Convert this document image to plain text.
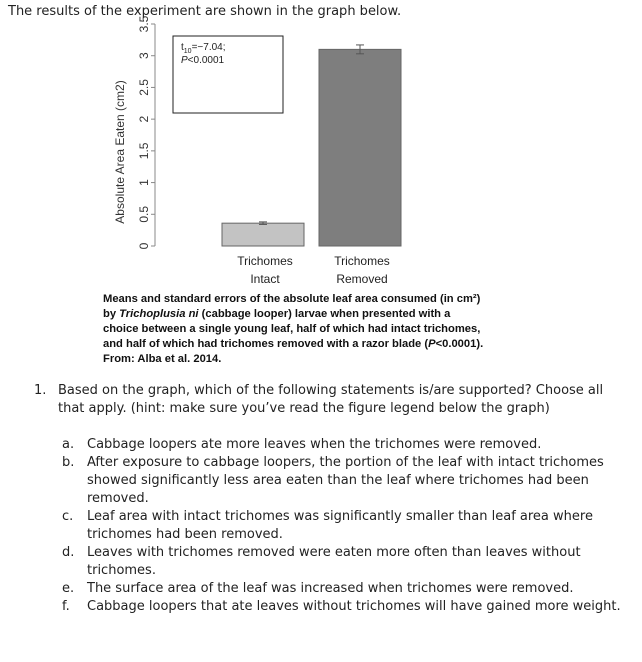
The results of the experiment are shown in the graph below.
Absolute Area Eaten (cm2)
0
0.5
1
1.5
2
2.5
3
3.5
Trichomes
Intact
Trichomes
Removed
$t_{10}=-7.04$;
P<0.0001
Means and standard errors of the absolute leaf area consumed (in cm²)
by Trichoplusia ni (cabbage looper) larvae when presented with a
choice between a single young leaf, half of which had intact trichomes,
and half of which had trichomes removed with a razor blade (P<0.0001).
From: Alba et al. 2014.
1. Based on the graph, which of the following statements is/are supported? Choose all that apply. (hint: make sure you’ve read the figure legend below the graph)
a. Cabbage loopers ate more leaves when the trichomes were removed.
b. After exposure to cabbage loopers, the portion of the leaf with intact trichomes showed significantly less area eaten than the leaf where trichomes had been removed.
c. Leaf area with intact trichomes was significantly smaller than leaf area where trichomes had been removed.
d. Leaves with trichomes removed were eaten more often than leaves without trichomes.
e. The surface area of the leaf was increased when trichomes were removed.
f. Cabbage loopers that ate leaves without trichomes will have gained more weight.
